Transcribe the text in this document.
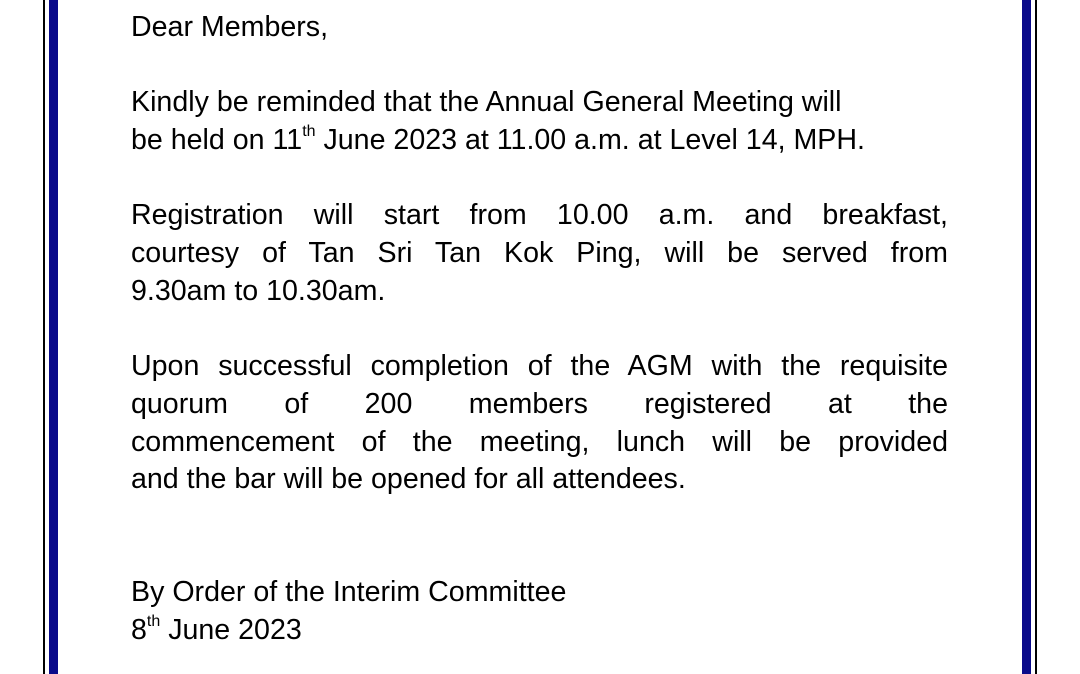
Dear Members,
Kindly be reminded that the Annual General Meeting will
be held on 11th June 2023 at 11.00 a.m. at Level 14, MPH.
Registration will start from 10.00 a.m. and breakfast,
courtesy of Tan Sri Tan Kok Ping, will be served from
9.30am to 10.30am.
Upon successful completion of the AGM with the requisite
quorum of 200 members registered at the
commencement of the meeting, lunch will be provided
and the bar will be opened for all attendees.
By Order of the Interim Committee
8th June 2023
